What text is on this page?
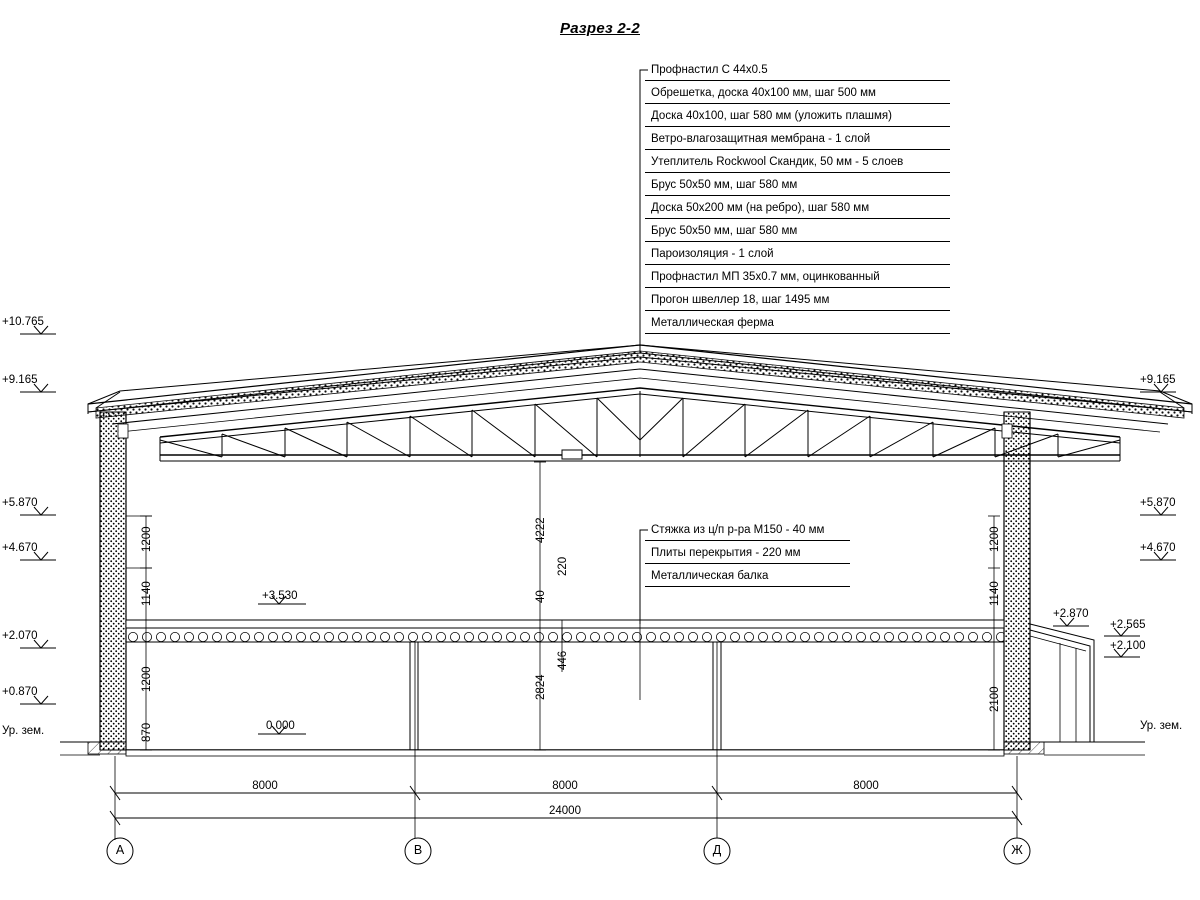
Разрез 2-2
Профнастил С 44х0.5
Обрешетка, доска 40х100 мм, шаг 500 мм
Доска 40х100, шаг 580 мм (уложить плашмя)
Ветро-влагозащитная мембрана - 1 слой
Утеплитель Rockwool Скандик, 50 мм - 5 слоев
Брус 50х50 мм, шаг 580 мм
Доска 50х200 мм (на ребро), шаг 580 мм
Брус 50х50 мм, шаг 580 мм
Пароизоляция - 1 слой
Профнастил МП 35х0.7 мм, оцинкованный
Прогон швеллер 18, шаг 1495 мм
Металлическая ферма
Стяжка из ц/п р-ра М150 - 40 мм
Плиты перекрытия - 220 мм
Металлическая балка
+10.765
+9.165
+5.870
+4.670
+2.070
+0.870
Ур. зем.
+9.165
+5.870
+4.670
+2.870
+2.565
+2.100
Ур. зем.
+3.530
0.000
1200
1140
1200
870
4222
40
220
446
2824
1200
1140
2100
8000	8000	8000
24000
А	В	Д	Ж
